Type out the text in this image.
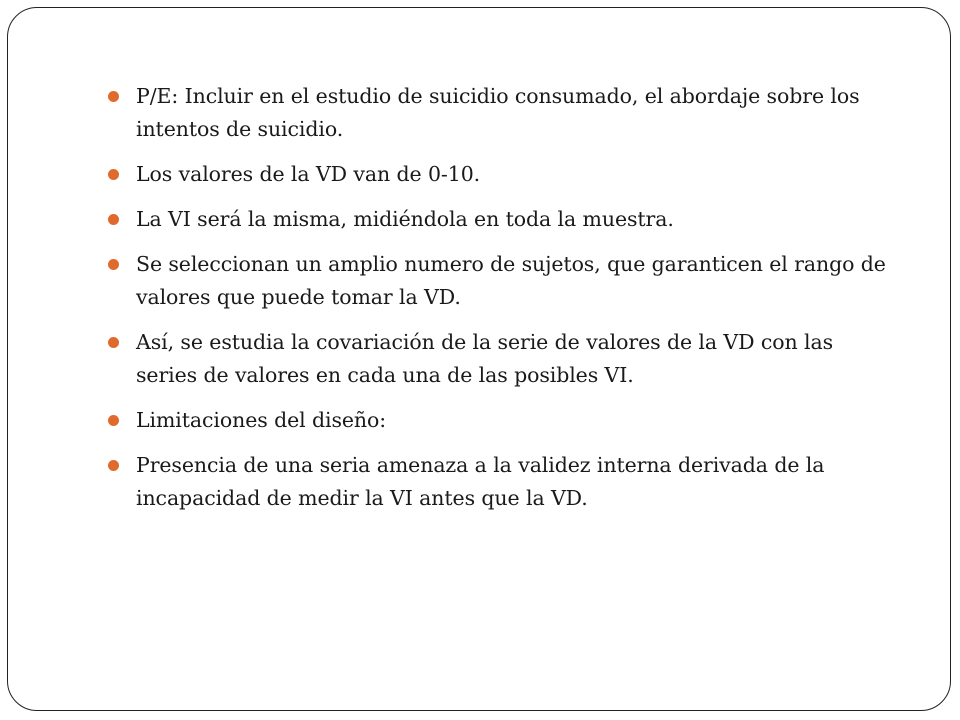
P/E: Incluir en el estudio de suicidio consumado, el abordaje sobre los intentos de suicidio.
Los valores de la VD van de 0-10.
La VI será la misma, midiéndola en toda la muestra.
Se seleccionan un amplio numero de sujetos, que garanticen el rango de valores que puede tomar la VD.
Así, se estudia la covariación de la serie de valores de la VD con las series de valores en cada una de las posibles VI.
Limitaciones del diseño:
Presencia de una seria amenaza a la validez interna derivada de la incapacidad de medir la VI antes que la VD.
